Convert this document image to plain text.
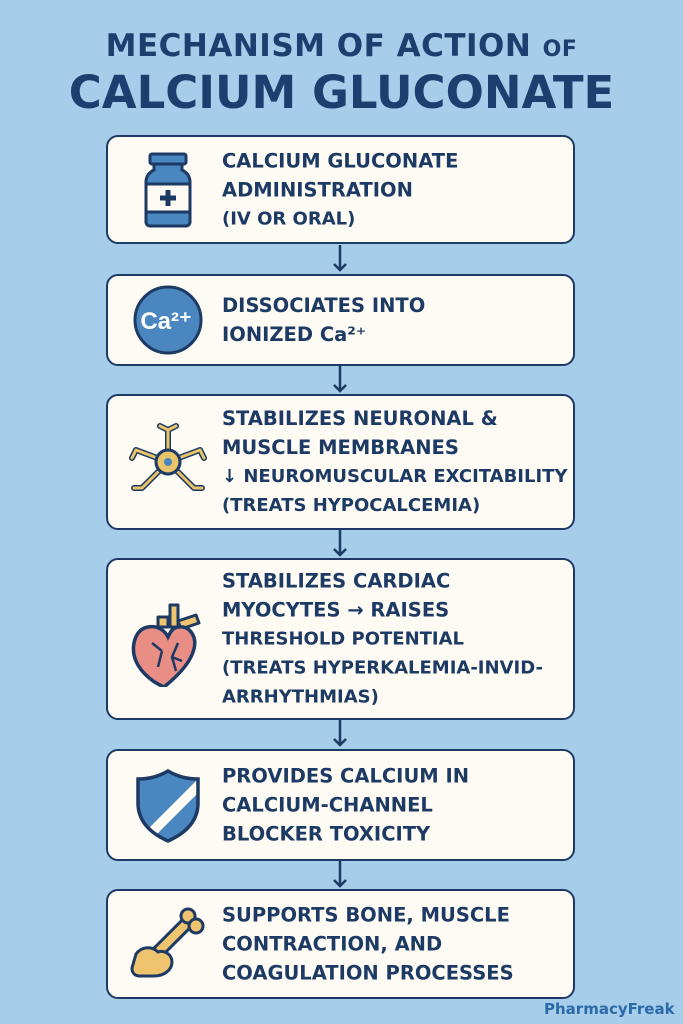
MECHANISM OF ACTION OF
CALCIUM GLUCONATE
CALCIUM GLUCONATE
ADMINISTRATION
(IV OR ORAL)
Ca²⁺
DISSOCIATES INTO
IONIZED Ca²⁺
STABILIZES NEURONAL &
MUSCLE MEMBRANES
↓ NEUROMUSCULAR EXCITABILITY
(TREATS HYPOCALCEMIA)
STABILIZES CARDIAC
MYOCYTES → RAISES
THRESHOLD POTENTIAL
(TREATS HYPERKALEMIA-INVID-
ARRHYTHMIAS)
PROVIDES CALCIUM IN
CALCIUM-CHANNEL
BLOCKER TOXICITY
SUPPORTS BONE, MUSCLE
CONTRACTION, AND
COAGULATION PROCESSES
PharmacyFreak
